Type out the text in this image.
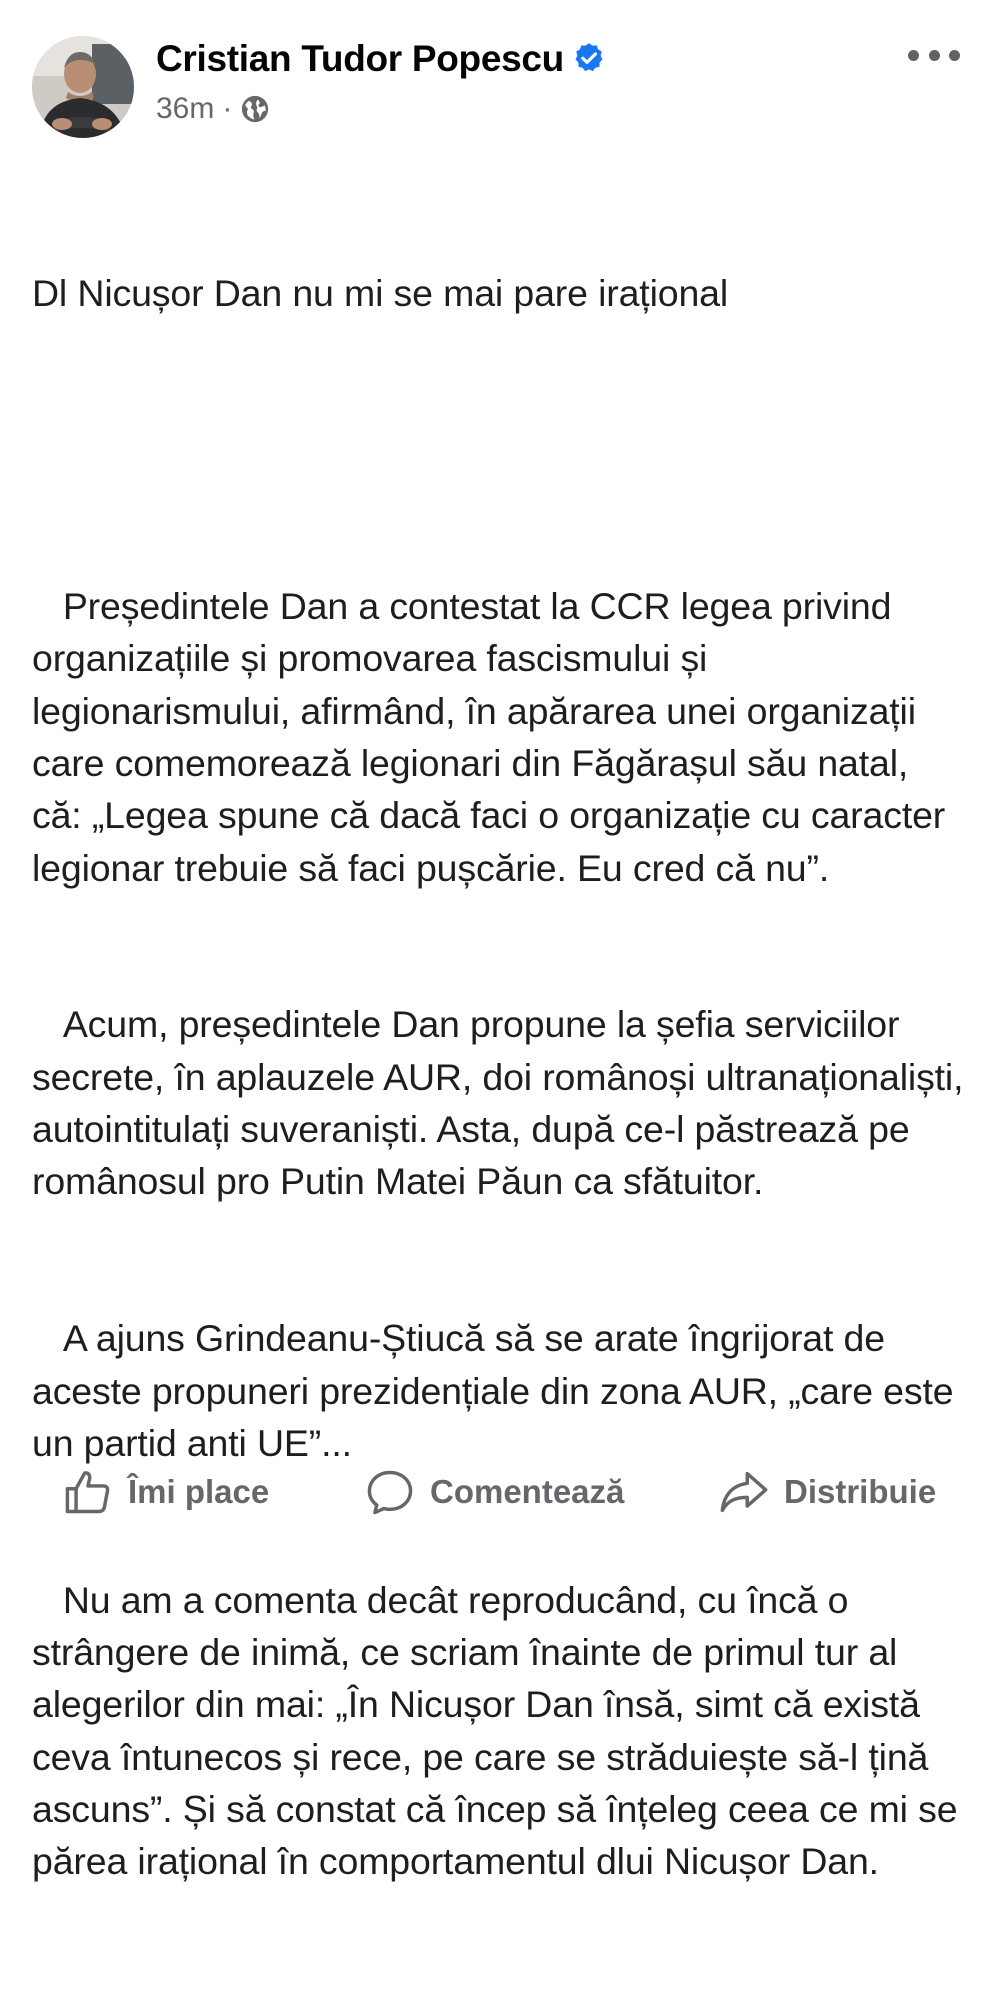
Cristian Tudor Popescu
36m ·

Dl Nicușor Dan nu mi se mai pare irațional

Președintele Dan a contestat la CCR legea privind organizațiile și promovarea fascismului și legionarismului, afirmând, în apărarea unei organizații care comemorează legionari din Făgărașul său natal, că: „Legea spune că dacă faci o organizație cu caracter legionar trebuie să faci pușcărie. Eu cred că nu”.

Acum, președintele Dan propune la șefia serviciilor secrete, în aplauzele AUR, doi românoși ultranaționaliști, autointitulați suveraniști. Asta, după ce-l păstrează pe românosul pro Putin Matei Păun ca sfătuitor.

A ajuns Grindeanu-Știucă să se arate îngrijorat de aceste propuneri prezidențiale din zona AUR, „care este un partid anti UE”...

Nu am a comenta decât reproducând, cu încă o strângere de inimă, ce scriam înainte de primul tur al alegerilor din mai: „În Nicușor Dan însă, simt că există ceva întunecos și rece, pe care se străduiește să-l țină ascuns”. Și să constat că încep să înțeleg ceea ce mi se părea irațional în comportamentul dlui Nicușor Dan.

Îmi place	Comentează	Distribuie
